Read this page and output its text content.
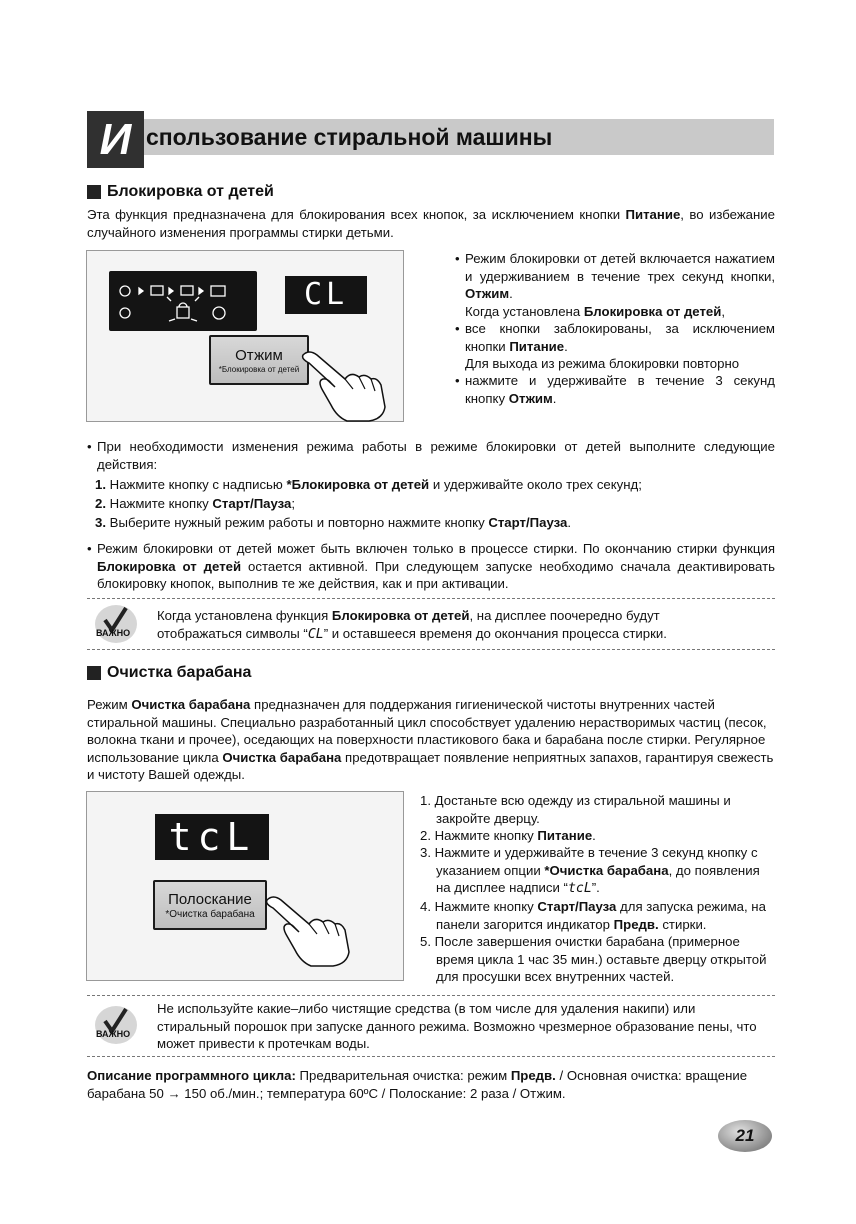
И спользование стиральной машины
Блокировка от детей
Эта функция предназначена для блокирования всех кнопок, за исключением кнопки Питание, во избежание случайного изменения программы стирки детьми.
CL
Отжим
*Блокировка от детей
• Режим блокировки от детей включается нажатием и удерживанием в течение трех секунд кнопки, Отжим.
Когда установлена Блокировка от детей,
• все кнопки заблокированы, за исключением кнопки Питание.
Для выхода из режима блокировки повторно
• нажмите и удерживайте в течение 3 секунд кнопку Отжим.
• При необходимости изменения режима работы в режиме блокировки от детей выполните следующие действия:
1. Нажмите кнопку с надписью *Блокировка от детей и удерживайте около трех секунд;
2. Нажмите кнопку Старт/Пауза;
3. Выберите нужный режим работы и повторно нажмите кнопку Старт/Пауза.
• Режим блокировки от детей может быть включен только в процессе стирки. По окончанию стирки функция Блокировка от детей остается активной. При следующем запуске необходимо сначала деактивировать блокировку кнопок, выполнив те же действия, как и при активации.
ВАЖНО
Когда установлена функция Блокировка от детей, на дисплее поочередно будут
отображаться символы “CL” и оставшееся временя до окончания процесса стирки.
Очистка барабана
Режим Очистка барабана предназначен для поддержания гигиенической чистоты внутренних частей стиральной машины. Специально разработанный цикл способствует удалению нерастворимых частиц (песок, волокна ткани и прочее), оседающих на поверхности пластикового бака и барабана после стирки. Регулярное использование цикла Очистка барабана предотвращает появление неприятных запахов, гарантируя свежесть и чистоту Вашей одежды.
tcL
Полоскание
*Очистка барабана
1. Достаньте всю одежду из стиральной машины и закройте дверцу.
2. Нажмите кнопку Питание.
3. Нажмите и удерживайте в течение 3 секунд кнопку с указанием опции *Очистка барабана, до появления на дисплее надписи “tcL”.
4. Нажмите кнопку Старт/Пауза для запуска режима, на панели загорится индикатор Предв. стирки.
5. После завершения очистки барабана (примерное время цикла 1 час 35 мин.) оставьте дверцу открытой для просушки всех внутренних частей.
ВАЖНО
Не используйте какие–либо чистящие средства (в том числе для удаления накипи) или стиральный порошок при запуске данного режима. Возможно чрезмерное образование пены, что может привести к протечкам воды.
Описание программного цикла: Предварительная очистка: режим Предв. / Основная очистка: вращение барабана 50 → 150 об./мин.; температура 60ºC / Полоскание: 2 раза / Отжим.
21
